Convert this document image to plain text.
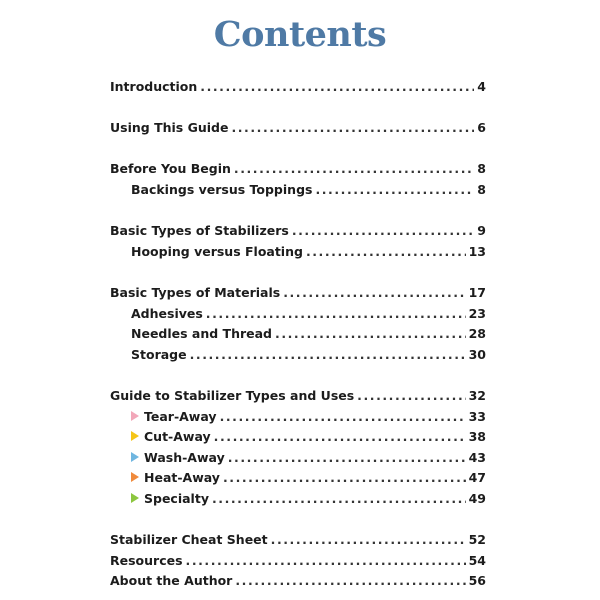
Contents
Introduction . . .	4
Using This Guide . . .	6
Before You Begin . . .	8
Backings versus Toppings . . .	8
Basic Types of Stabilizers . . .	9
Hooping versus Floating . . .	13
Basic Types of Materials . . .	17
Adhesives . . .	23
Needles and Thread . . .	28
Storage . . .	30
Guide to Stabilizer Types and Uses . . .	32
Tear-Away . . .	33
Cut-Away . . .	38
Wash-Away . . .	43
Heat-Away . . .	47
Specialty . . .	49
Stabilizer Cheat Sheet . . .	52
Resources . . .	54
About the Author . . .	56
